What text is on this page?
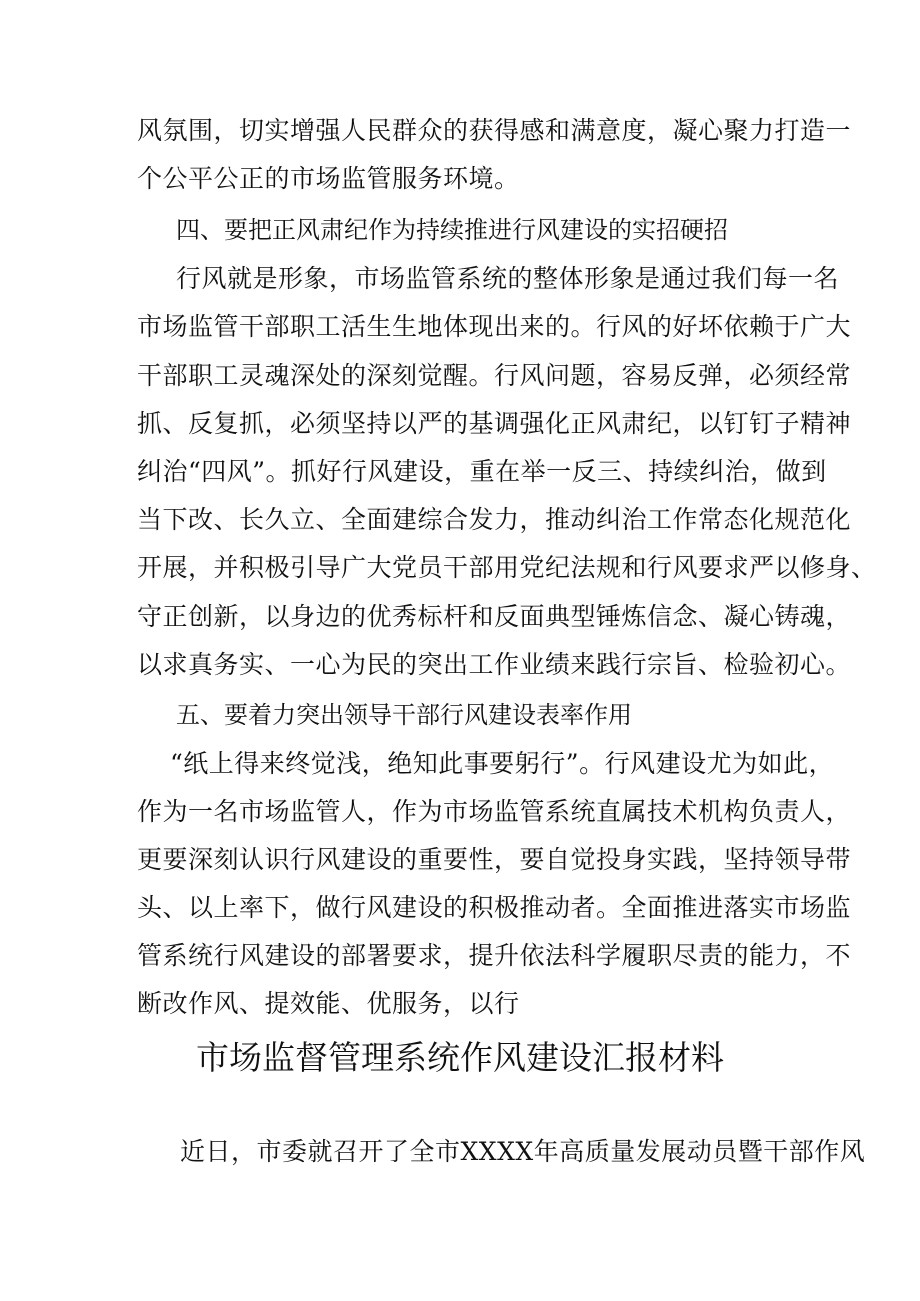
风氛围，切实增强人民群众的获得感和满意度，凝心聚力打造一
个公平公正的市场监管服务环境。
四、要把正风肃纪作为持续推进行风建设的实招硬招
行风就是形象，市场监管系统的整体形象是通过我们每一名
市场监管干部职工活生生地体现出来的。行风的好坏依赖于广大
干部职工灵魂深处的深刻觉醒。行风问题，容易反弹，必须经常
抓、反复抓，必须坚持以严的基调强化正风肃纪，以钉钉子精神
纠治“四风”。抓好行风建设，重在举一反三、持续纠治，做到
当下改、长久立、全面建综合发力，推动纠治工作常态化规范化
开展，并积极引导广大党员干部用党纪法规和行风要求严以修身、
守正创新，以身边的优秀标杆和反面典型锤炼信念、凝心铸魂，
以求真务实、一心为民的突出工作业绩来践行宗旨、检验初心。
五、要着力突出领导干部行风建设表率作用
“纸上得来终觉浅，绝知此事要躬行”。行风建设尤为如此，
作为一名市场监管人，作为市场监管系统直属技术机构负责人，
更要深刻认识行风建设的重要性，要自觉投身实践，坚持领导带
头、以上率下，做行风建设的积极推动者。全面推进落实市场监
管系统行风建设的部署要求，提升依法科学履职尽责的能力，不
断改作风、提效能、优服务，以行
市场监督管理系统作风建设汇报材料
近日，市委就召开了全市XXXX年高质量发展动员暨干部作风
